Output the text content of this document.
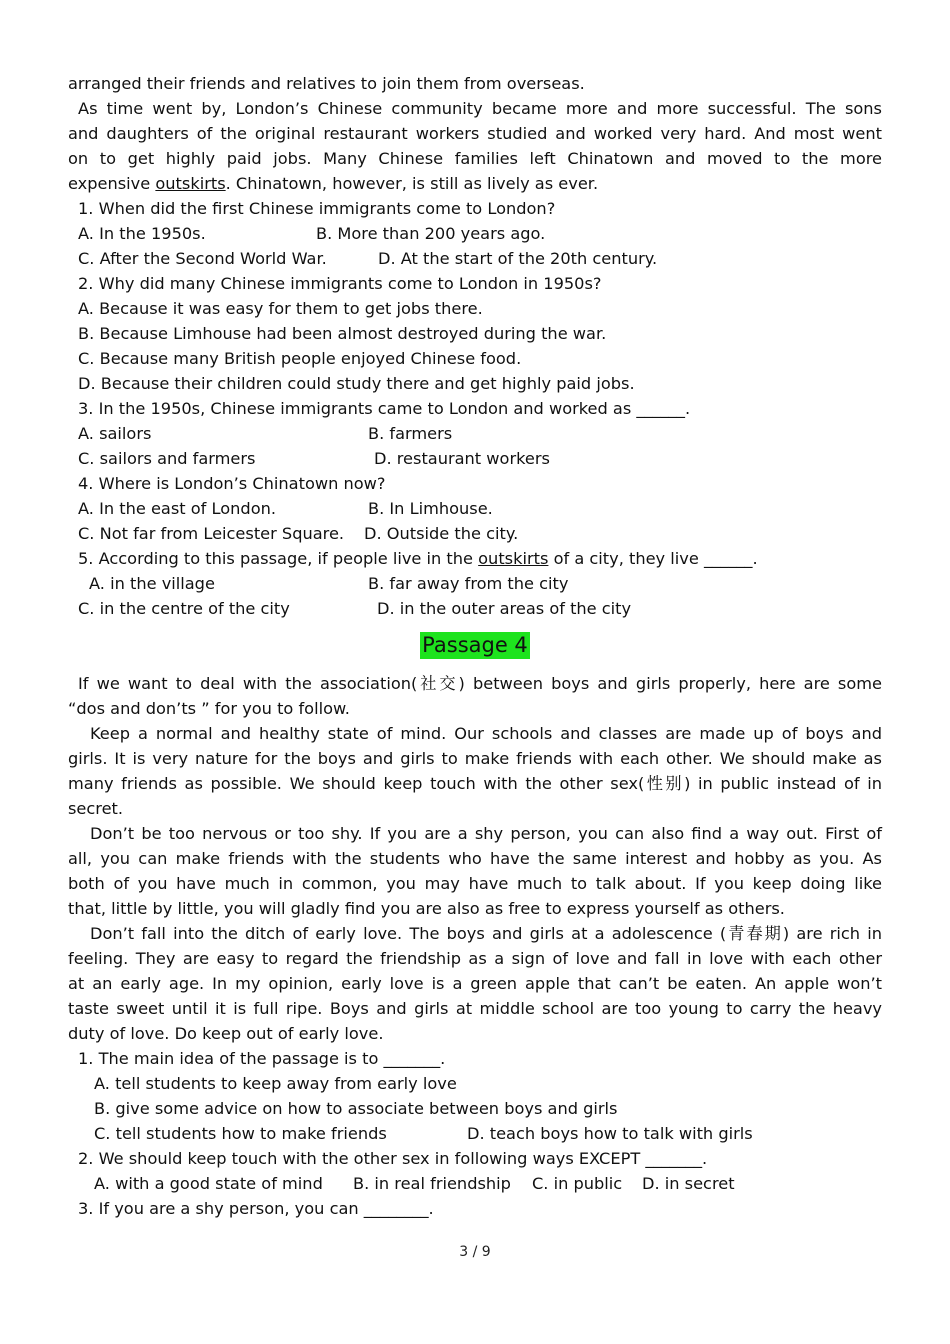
arranged their friends and relatives to join them from overseas.
As time went by, London’s Chinese community became more and more successful. The sons
and daughters of the original restaurant workers studied and worked very hard. And most went
on to get highly paid jobs. Many Chinese families left Chinatown and moved to the more
expensive outskirts. Chinatown, however, is still as lively as ever.
1. When did the first Chinese immigrants come to London?
A. In the 1950s.	B. More than 200 years ago.
C. After the Second World War.	D. At the start of the 20th century.
2. Why did many Chinese immigrants come to London in 1950s?
A. Because it was easy for them to get jobs there.
B. Because Limhouse had been almost destroyed during the war.
C. Because many British people enjoyed Chinese food.
D. Because their children could study there and get highly paid jobs.
3. In the 1950s, Chinese immigrants came to London and worked as ______.
A. sailors	B. farmers
C. sailors and farmers	D. restaurant workers
4. Where is London’s Chinatown now?
A. In the east of London.	B. In Limhouse.
C. Not far from Leicester Square. D. Outside the city.
5. According to this passage, if people live in the outskirts of a city, they live ______.
A. in the village	B. far away from the city
C. in the centre of the city	D. in the outer areas of the city
Passage 4
If we want to deal with the association(社交) between boys and girls properly, here are some
“dos and don’ts ” for you to follow.
Keep a normal and healthy state of mind. Our schools and classes are made up of boys and
girls. It is very nature for the boys and girls to make friends with each other. We should make as
many friends as possible. We should keep touch with the other sex(性别) in public instead of in
secret.
Don’t be too nervous or too shy. If you are a shy person, you can also find a way out. First of
all, you can make friends with the students who have the same interest and hobby as you. As
both of you have much in common, you may have much to talk about. If you keep doing like
that, little by little, you will gladly find you are also as free to express yourself as others.
Don’t fall into the ditch of early love. The boys and girls at a adolescence (青春期) are rich in
feeling. They are easy to regard the friendship as a sign of love and fall in love with each other
at an early age. In my opinion, early love is a green apple that can’t be eaten. An apple won’t
taste sweet until it is full ripe. Boys and girls at middle school are too young to carry the heavy
duty of love. Do keep out of early love.
1. The main idea of the passage is to _______.
A. tell students to keep away from early love
B. give some advice on how to associate between boys and girls
C. tell students how to make friends	D. teach boys how to talk with girls
2. We should keep touch with the other sex in following ways EXCEPT _______.
A. with a good state of mind B. in real friendship C. in public D. in secret
3. If you are a shy person, you can ________.
3 / 9
